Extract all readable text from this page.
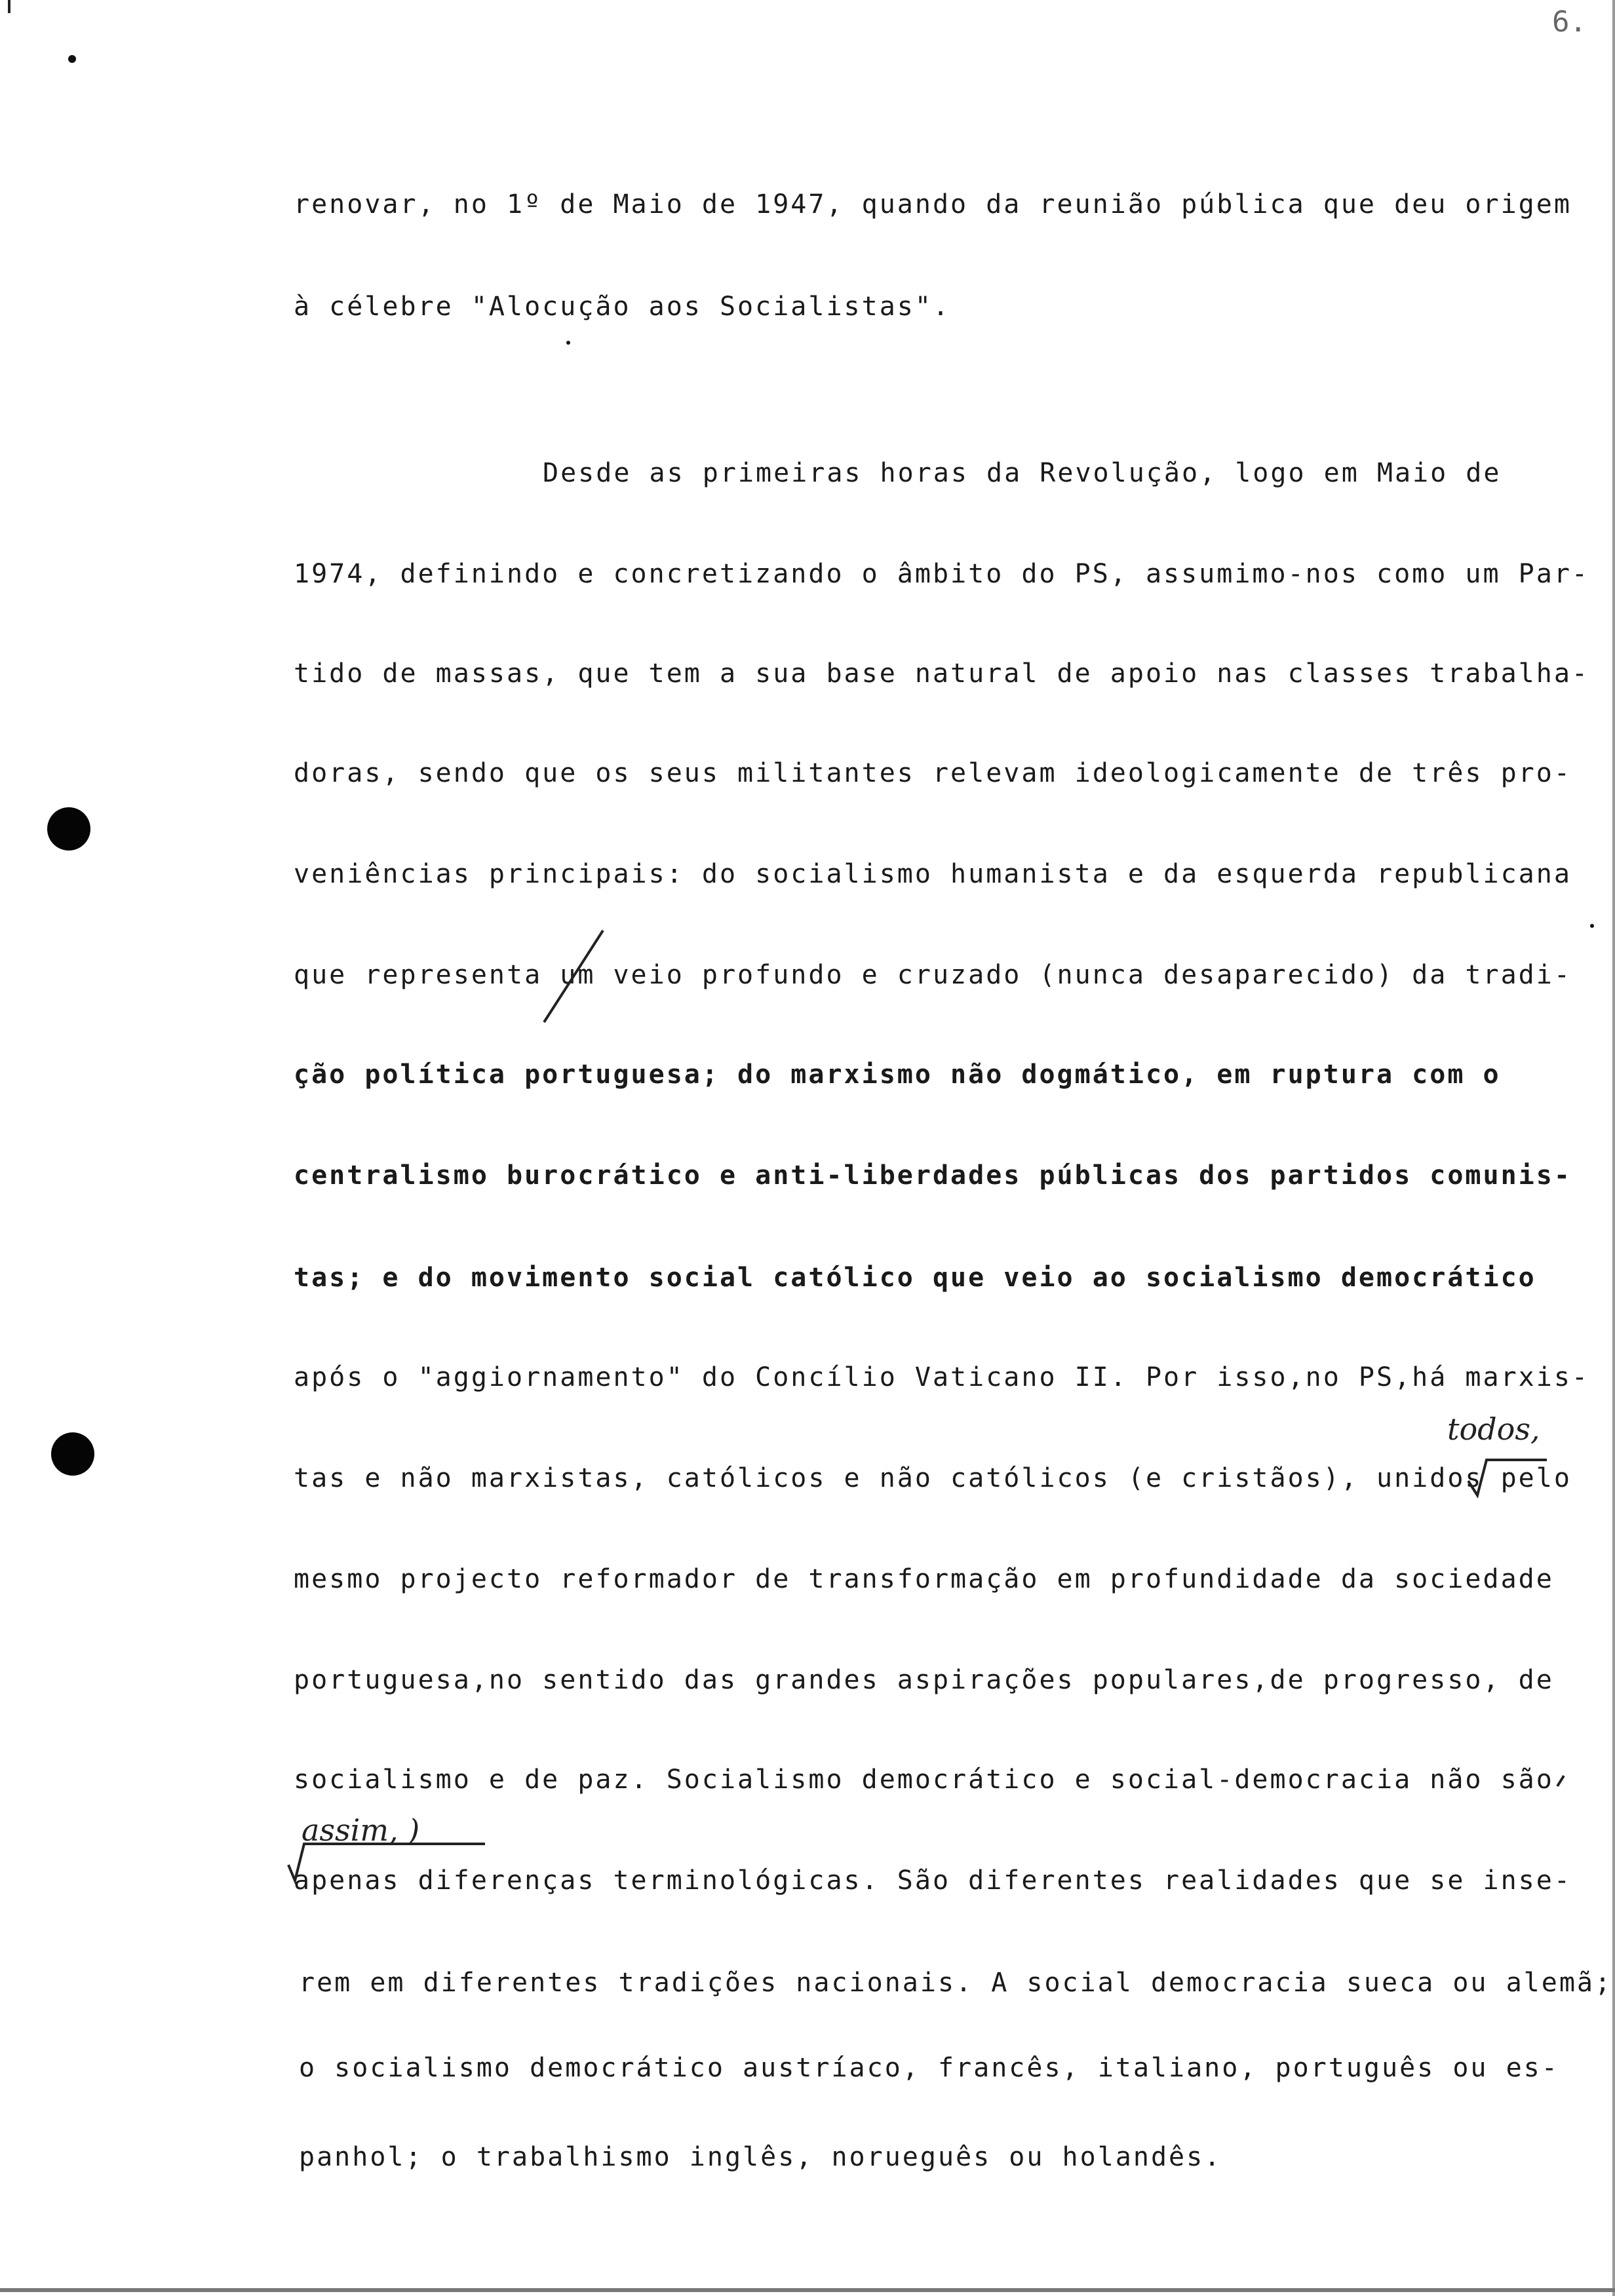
6.
renovar, no 1º de Maio de 1947, quando da reunião pública que deu origem
à célebre "Alocução aos Socialistas".
Desde as primeiras horas da Revolução, logo em Maio de
1974, definindo e concretizando o âmbito do PS, assumimo-nos como um Par-
tido de massas, que tem a sua base natural de apoio nas classes trabalha-
doras, sendo que os seus militantes relevam ideologicamente de três pro-
veniências principais: do socialismo humanista e da esquerda republicana
que representa um veio profundo e cruzado (nunca desaparecido) da tradi-
ção política portuguesa; do marxismo não dogmático, em ruptura com o
centralismo burocrático e anti-liberdades públicas dos partidos comunis-
tas; e do movimento social católico que veio ao socialismo democrático
após o "aggiornamento" do Concílio Vaticano II. Por isso,no PS,há marxis-
tas e não marxistas, católicos e não católicos (e cristãos), unidos pelo
mesmo projecto reformador de transformação em profundidade da sociedade
portuguesa,no sentido das grandes aspirações populares,de progresso, de
socialismo e de paz. Socialismo democrático e social-democracia não são
apenas diferenças terminológicas. São diferentes realidades que se inse-
rem em diferentes tradições nacionais. A social democracia sueca ou alemã;
o socialismo democrático austríaco, francês, italiano, português ou es-
panhol; o trabalhismo inglês, norueguês ou holandês.
todos,
assim, )
